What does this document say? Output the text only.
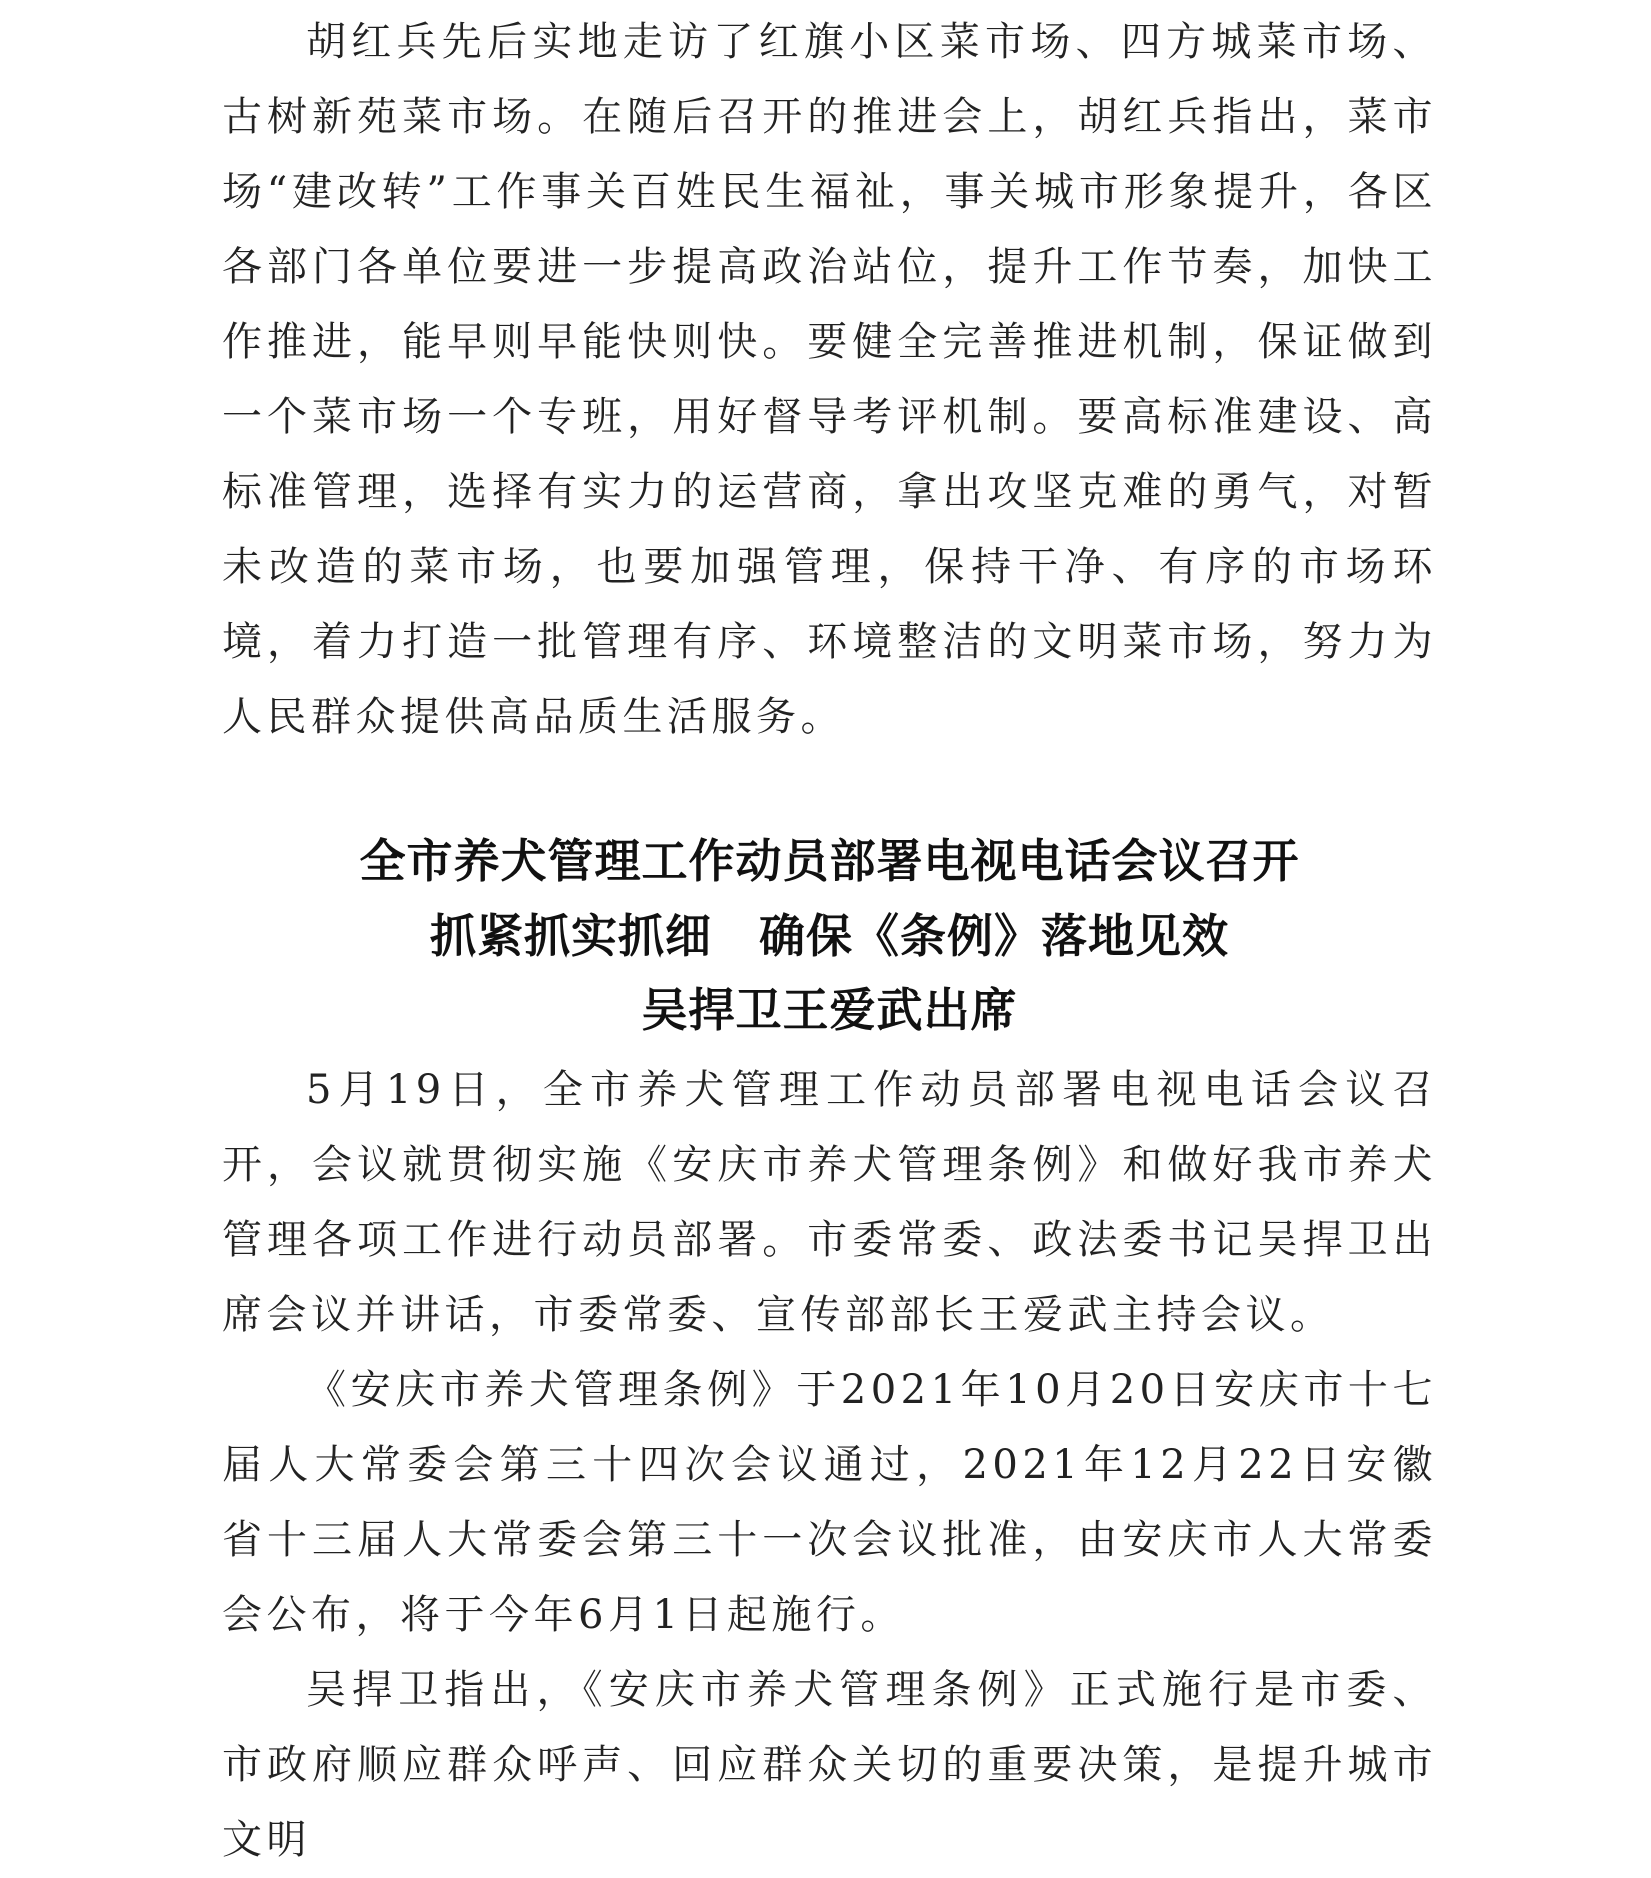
胡红兵先后实地走访了红旗小区菜市场、四方城菜市场、古树新苑菜市场。在随后召开的推进会上，胡红兵指出，菜市场“建改转”工作事关百姓民生福祉，事关城市形象提升，各区各部门各单位要进一步提高政治站位，提升工作节奏，加快工作推进，能早则早能快则快。要健全完善推进机制，保证做到一个菜市场一个专班，用好督导考评机制。要高标准建设、高标准管理，选择有实力的运营商，拿出攻坚克难的勇气，对暂未改造的菜市场，也要加强管理，保持干净、有序的市场环境，着力打造一批管理有序、环境整洁的文明菜市场，努力为人民群众提供高品质生活服务。

全市养犬管理工作动员部署电视电话会议召开
抓紧抓实抓细　确保《条例》落地见效
吴捍卫王爱武出席

5月19日，全市养犬管理工作动员部署电视电话会议召开，会议就贯彻实施《安庆市养犬管理条例》和做好我市养犬管理各项工作进行动员部署。市委常委、政法委书记吴捍卫出席会议并讲话，市委常委、宣传部部长王爱武主持会议。

《安庆市养犬管理条例》于2021年10月20日安庆市十七届人大常委会第三十四次会议通过，2021年12月22日安徽省十三届人大常委会第三十一次会议批准，由安庆市人大常委会公布，将于今年6月1日起施行。

吴捍卫指出，《安庆市养犬管理条例》正式施行是市委、市政府顺应群众呼声、回应群众关切的重要决策，是提升城市文明
